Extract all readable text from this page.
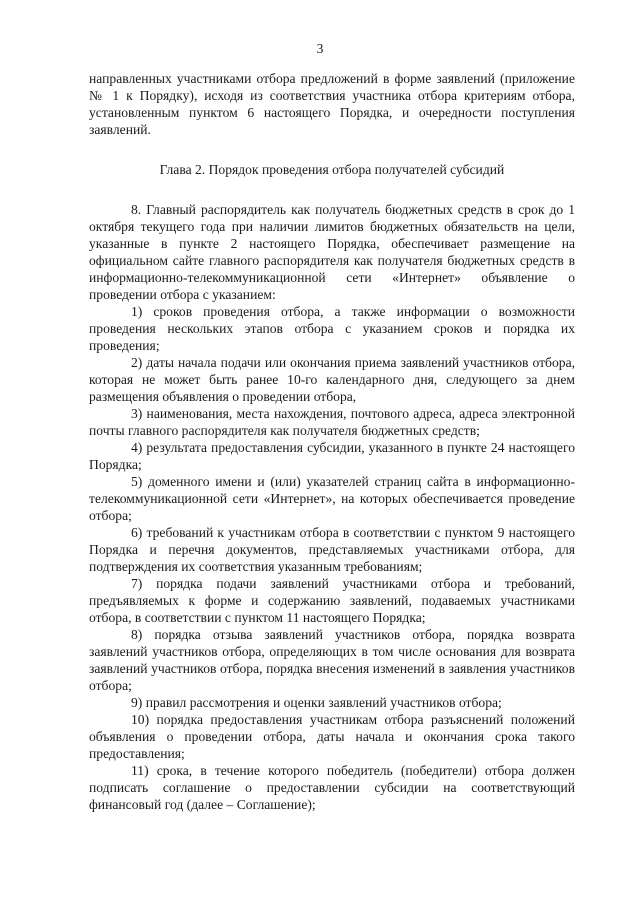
3

направленных участниками отбора предложений в форме заявлений (приложение № 1 к Порядку), исходя из соответствия участника отбора критериям отбора, установленным пунктом 6 настоящего Порядка, и очередности поступления заявлений.

Глава 2. Порядок проведения отбора получателей субсидий

8. Главный распорядитель как получатель бюджетных средств в срок до 1 октября текущего года при наличии лимитов бюджетных обязательств на цели, указанные в пункте 2 настоящего Порядка, обеспечивает размещение на официальном сайте главного распорядителя как получателя бюджетных средств в информационно-телекоммуникационной сети «Интернет» объявление о проведении отбора с указанием:

1) сроков проведения отбора, а также информации о возможности проведения нескольких этапов отбора с указанием сроков и порядка их проведения;

2) даты начала подачи или окончания приема заявлений участников отбора, которая не может быть ранее 10-го календарного дня, следующего за днем размещения объявления о проведении отбора,

3) наименования, места нахождения, почтового адреса, адреса электронной почты главного распорядителя как получателя бюджетных средств;

4) результата предоставления субсидии, указанного в пункте 24 настоящего Порядка;

5) доменного имени и (или) указателей страниц сайта в информационно-телекоммуникационной сети «Интернет», на которых обеспечивается проведение отбора;

6) требований к участникам отбора в соответствии с пунктом 9 настоящего Порядка и перечня документов, представляемых участниками отбора, для подтверждения их соответствия указанным требованиям;

7) порядка подачи заявлений участниками отбора и требований, предъявляемых к форме и содержанию заявлений, подаваемых участниками отбора, в соответствии с пунктом 11 настоящего Порядка;

8) порядка отзыва заявлений участников отбора, порядка возврата заявлений участников отбора, определяющих в том числе основания для возврата заявлений участников отбора, порядка внесения изменений в заявления участников отбора;

9) правил рассмотрения и оценки заявлений участников отбора;

10) порядка предоставления участникам отбора разъяснений положений объявления о проведении отбора, даты начала и окончания срока такого предоставления;

11) срока, в течение которого победитель (победители) отбора должен подписать соглашение о предоставлении субсидии на соответствующий финансовый год (далее – Соглашение);
